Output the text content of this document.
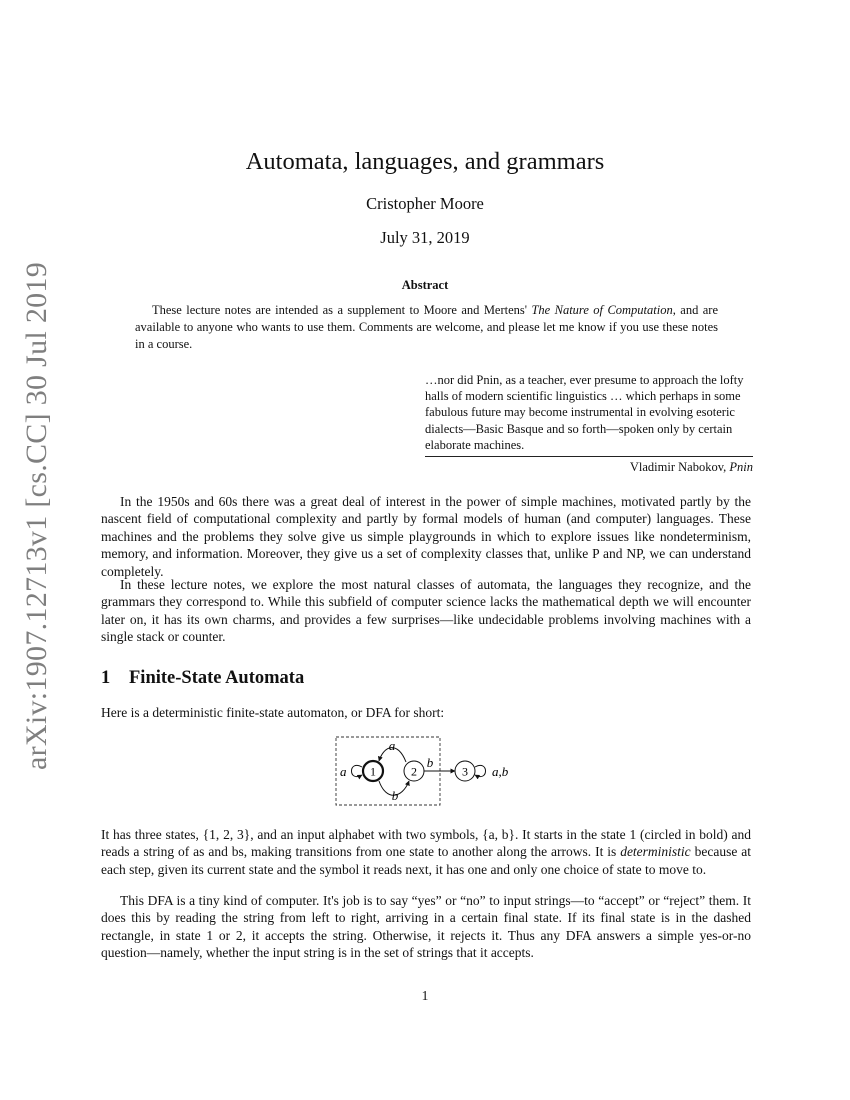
arXiv:1907.12713v1 [cs.CC] 30 Jul 2019
Automata, languages, and grammars
Cristopher Moore
July 31, 2019
Abstract
These lecture notes are intended as a supplement to Moore and Mertens' The Nature of Computation, and are available to anyone who wants to use them. Comments are welcome, and please let me know if you use these notes in a course.
…nor did Pnin, as a teacher, ever presume to approach the lofty halls of modern scientific linguistics … which perhaps in some fabulous future may become instrumental in evolving esoteric dialects—Basic Basque and so forth—spoken only by certain elaborate machines.
Vladimir Nabokov, Pnin
In the 1950s and 60s there was a great deal of interest in the power of simple machines, motivated partly by the nascent field of computational complexity and partly by formal models of human (and computer) languages. These machines and the problems they solve give us simple playgrounds in which to explore issues like nondeterminism, memory, and information. Moreover, they give us a set of complexity classes that, unlike P and NP, we can understand completely.
In these lecture notes, we explore the most natural classes of automata, the languages they recognize, and the grammars they correspond to. While this subfield of computer science lacks the mathematical depth we will encounter later on, it has its own charms, and provides a few surprises—like undecidable problems involving machines with a single stack or counter.
1 Finite-State Automata
Here is a deterministic finite-state automaton, or DFA for short:
a 1
a
b
2
b
3 a,b
It has three states, {1, 2, 3}, and an input alphabet with two symbols, {a, b}. It starts in the state 1 (circled in bold) and reads a string of as and bs, making transitions from one state to another along the arrows. It is deterministic because at each step, given its current state and the symbol it reads next, it has one and only one choice of state to move to.
This DFA is a tiny kind of computer. It's job is to say “yes” or “no” to input strings—to “accept” or “reject” them. It does this by reading the string from left to right, arriving in a certain final state. If its final state is in the dashed rectangle, in state 1 or 2, it accepts the string. Otherwise, it rejects it. Thus any DFA answers a simple yes-or-no question—namely, whether the input string is in the set of strings that it accepts.
1
